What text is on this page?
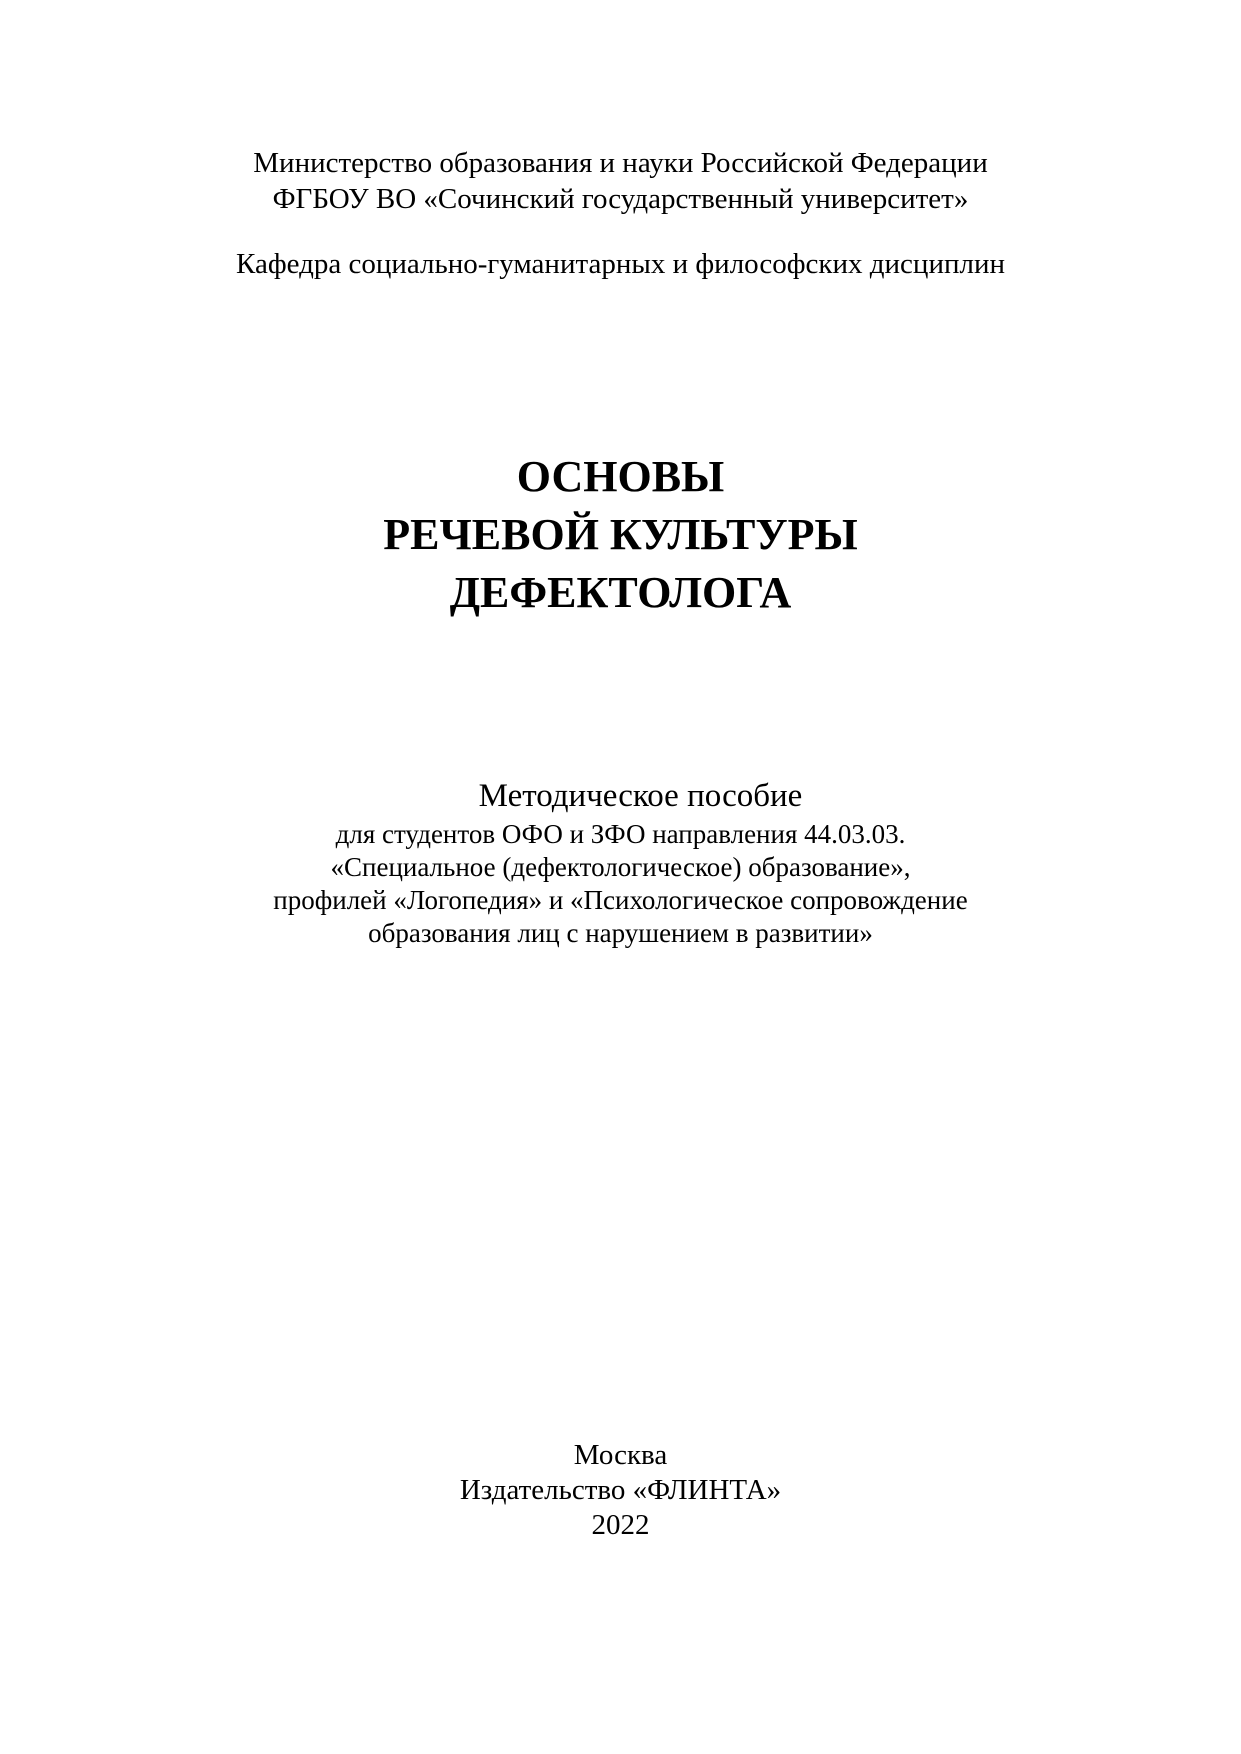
Министерство образования и науки Российской Федерации
ФГБОУ ВО «Сочинский государственный университет»
Кафедра социально-гуманитарных и философских дисциплин
ОСНОВЫ
РЕЧЕВОЙ КУЛЬТУРЫ
ДЕФЕКТОЛОГА
Методическое пособие
для студентов ОФО и ЗФО направления 44.03.03.
«Специальное (дефектологическое) образование»,
профилей «Логопедия» и «Психологическое сопровождение
образования лиц с нарушением в развитии»
Москва
Издательство «ФЛИНТА»
2022
